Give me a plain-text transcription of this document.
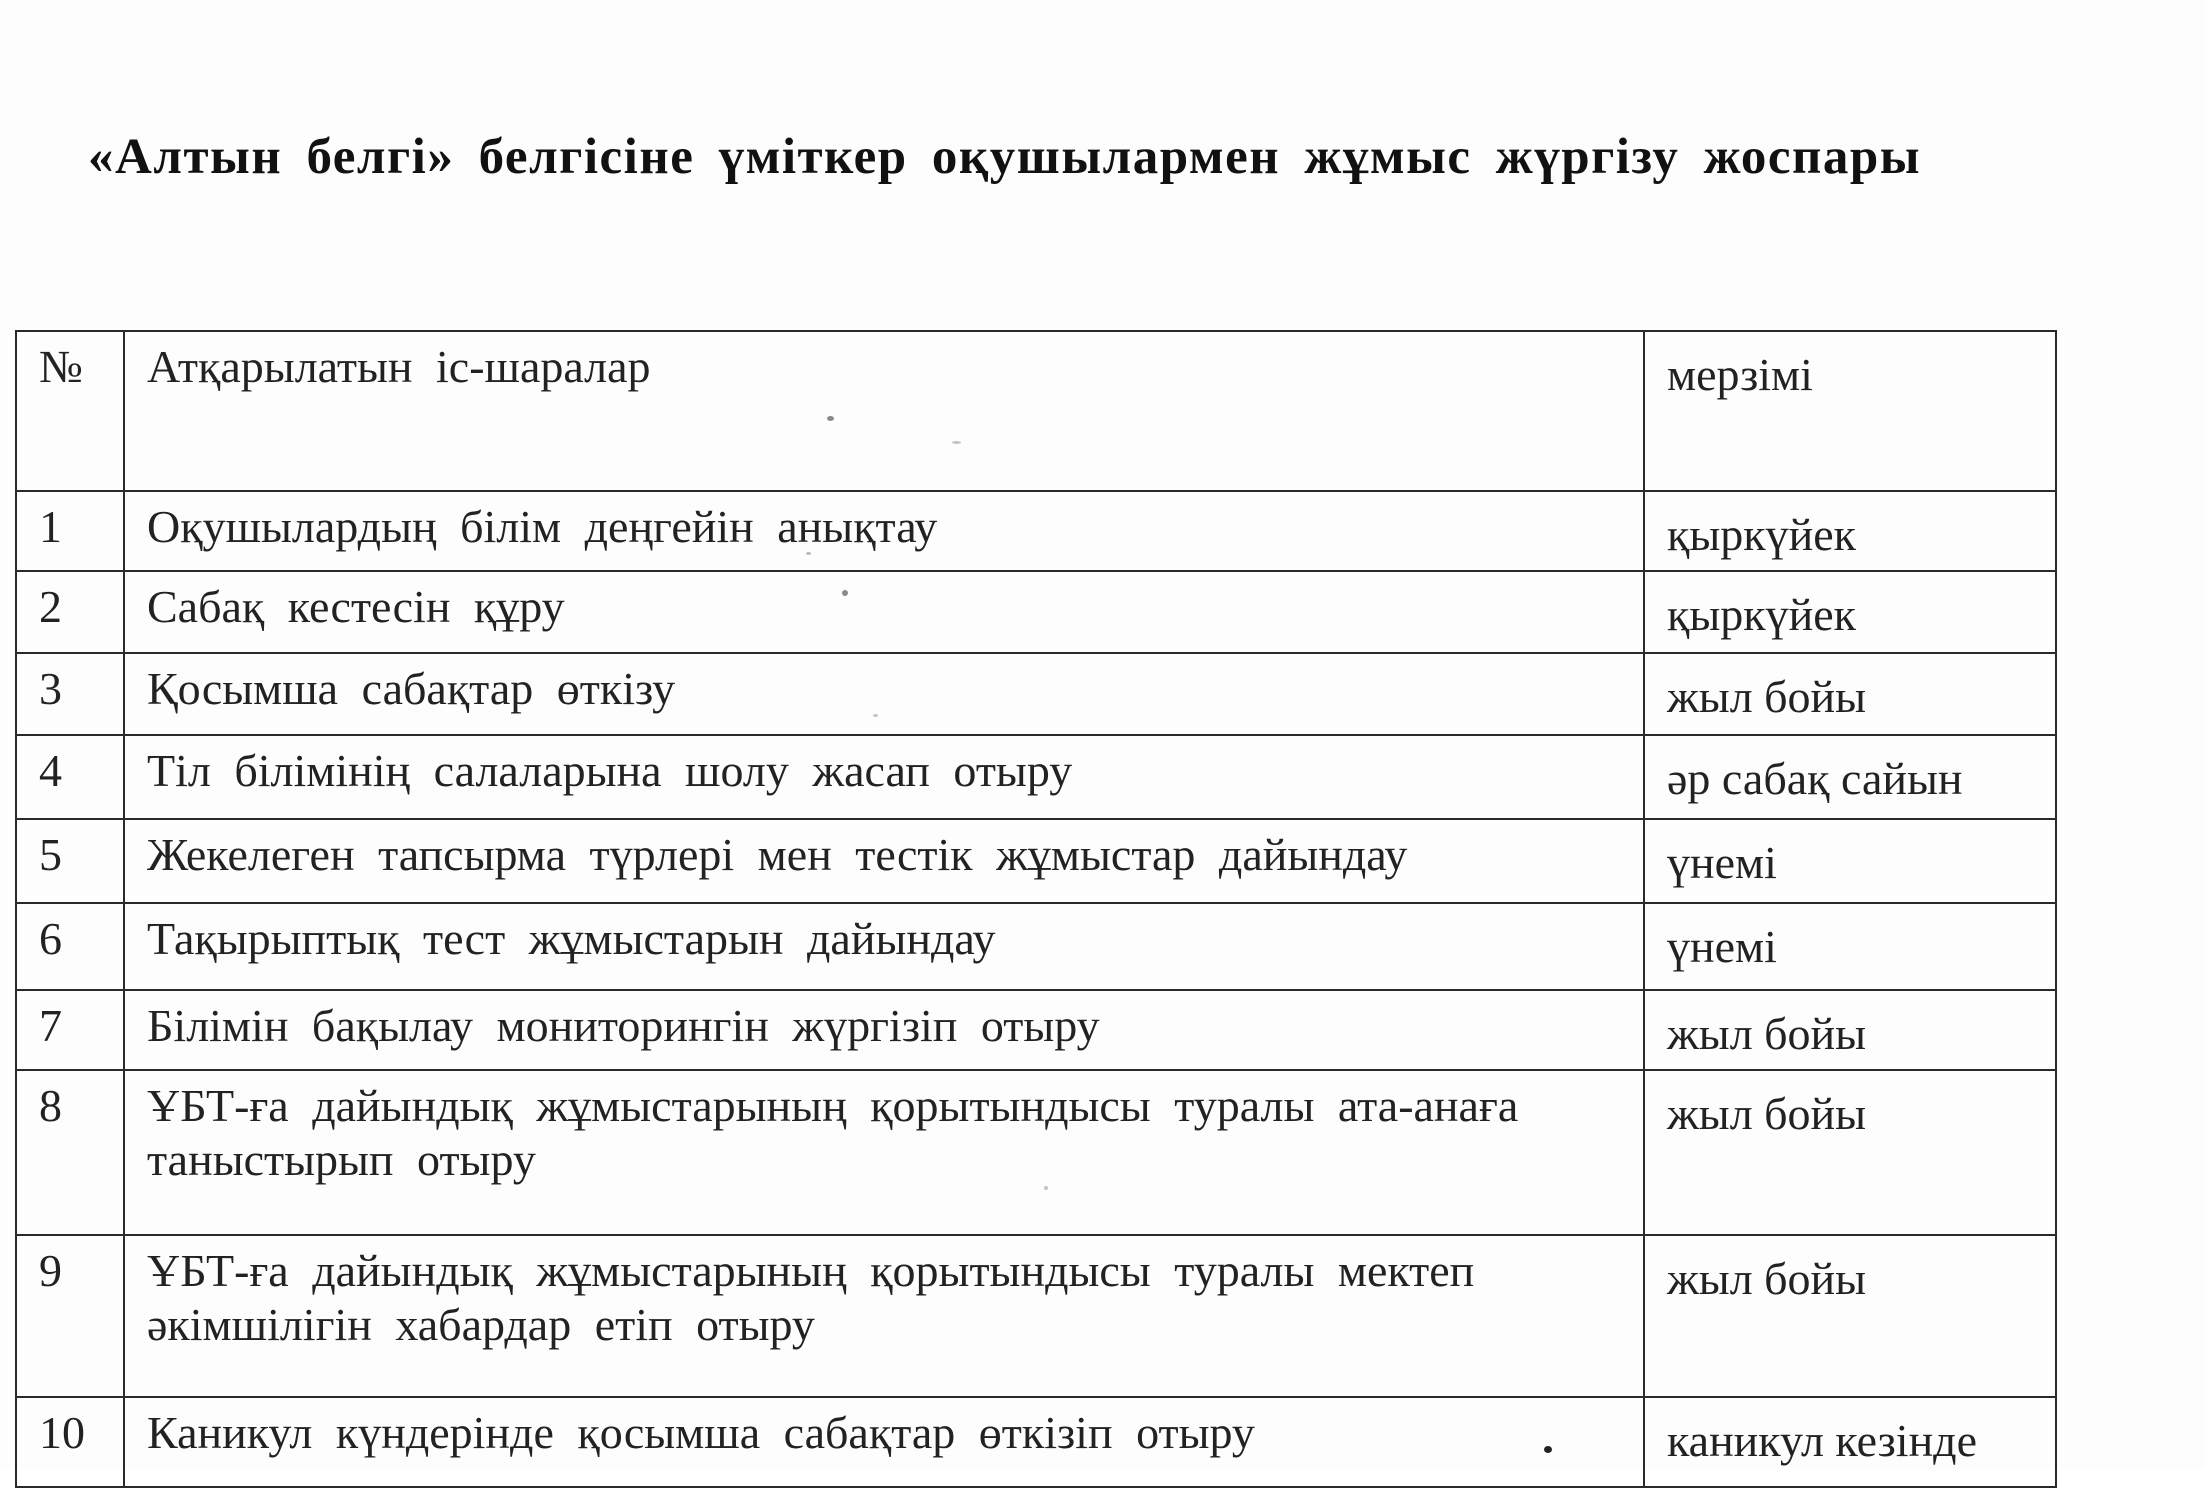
«Алтын белгі» белгісіне үміткер оқушылармен жұмыс жүргізу жоспары
№	Атқарылатын іс-шаралар	мерзімі
1	Оқушылардың білім деңгейін анықтау	қыркүйек
2	Сабақ кестесін құру	қыркүйек
3	Қосымша сабақтар өткізу	жыл бойы
4	Тіл білімінің салаларына шолу жасап отыру	әр сабақ сайын
5	Жекелеген тапсырма түрлері мен тестік жұмыстар дайындау	үнемі
6	Тақырыптық тест жұмыстарын дайындау	үнемі
7	Білімін бақылау мониторингін жүргізіп отыру	жыл бойы
8	ҰБТ-ға дайындық жұмыстарының қорытындысы туралы ата-анаға таныстырып отыру	жыл бойы
9	ҰБТ-ға дайындық жұмыстарының қорытындысы туралы мектеп әкімшілігін хабардар етіп отыру	жыл бойы
10	Каникул күндерінде қосымша сабақтар өткізіп отыру	каникул кезінде
